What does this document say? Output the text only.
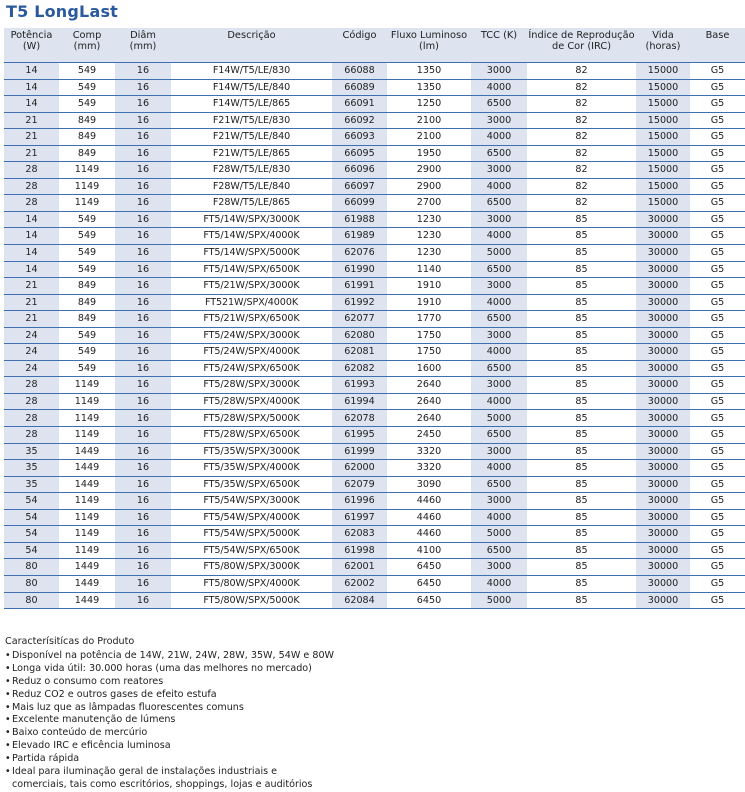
T5 LongLast
Potência (W)	Comp (mm)	Diâm (mm)	Descrição	Código	Fluxo Luminoso (lm)	TCC (K)	Índice de Reprodução de Cor (IRC)	Vida (horas)	Base
14	549	16	F14W/T5/LE/830	66088	1350	3000	82	15000	G5
14	549	16	F14W/T5/LE/840	66089	1350	4000	82	15000	G5
14	549	16	F14W/T5/LE/865	66091	1250	6500	82	15000	G5
21	849	16	F21W/T5/LE/830	66092	2100	3000	82	15000	G5
21	849	16	F21W/T5/LE/840	66093	2100	4000	82	15000	G5
21	849	16	F21W/T5/LE/865	66095	1950	6500	82	15000	G5
28	1149	16	F28W/T5/LE/830	66096	2900	3000	82	15000	G5
28	1149	16	F28W/T5/LE/840	66097	2900	4000	82	15000	G5
28	1149	16	F28W/T5/LE/865	66099	2700	6500	82	15000	G5
14	549	16	FT5/14W/SPX/3000K	61988	1230	3000	85	30000	G5
14	549	16	FT5/14W/SPX/4000K	61989	1230	4000	85	30000	G5
14	549	16	FT5/14W/SPX/5000K	62076	1230	5000	85	30000	G5
14	549	16	FT5/14W/SPX/6500K	61990	1140	6500	85	30000	G5
21	849	16	FT5/21W/SPX/3000K	61991	1910	3000	85	30000	G5
21	849	16	FT521W/SPX/4000K	61992	1910	4000	85	30000	G5
21	849	16	FT5/21W/SPX/6500K	62077	1770	6500	85	30000	G5
24	549	16	FT5/24W/SPX/3000K	62080	1750	3000	85	30000	G5
24	549	16	FT5/24W/SPX/4000K	62081	1750	4000	85	30000	G5
24	549	16	FT5/24W/SPX/6500K	62082	1600	6500	85	30000	G5
28	1149	16	FT5/28W/SPX/3000K	61993	2640	3000	85	30000	G5
28	1149	16	FT5/28W/SPX/4000K	61994	2640	4000	85	30000	G5
28	1149	16	FT5/28W/SPX/5000K	62078	2640	5000	85	30000	G5
28	1149	16	FT5/28W/SPX/6500K	61995	2450	6500	85	30000	G5
35	1449	16	FT5/35W/SPX/3000K	61999	3320	3000	85	30000	G5
35	1449	16	FT5/35W/SPX/4000K	62000	3320	4000	85	30000	G5
35	1449	16	FT5/35W/SPX/6500K	62079	3090	6500	85	30000	G5
54	1149	16	FT5/54W/SPX/3000K	61996	4460	3000	85	30000	G5
54	1149	16	FT5/54W/SPX/4000K	61997	4460	4000	85	30000	G5
54	1149	16	FT5/54W/SPX/5000K	62083	4460	5000	85	30000	G5
54	1149	16	FT5/54W/SPX/6500K	61998	4100	6500	85	30000	G5
80	1449	16	FT5/80W/SPX/3000K	62001	6450	3000	85	30000	G5
80	1449	16	FT5/80W/SPX/4000K	62002	6450	4000	85	30000	G5
80	1449	16	FT5/80W/SPX/5000K	62084	6450	5000	85	30000	G5
Caracterísitícas do Produto
• Disponível na potência de 14W, 21W, 24W, 28W, 35W, 54W e 80W
• Longa vida útil: 30.000 horas (uma das melhores no mercado)
• Reduz o consumo com reatores
• Reduz CO2 e outros gases de efeito estufa
• Mais luz que as lâmpadas fluorescentes comuns
• Excelente manutenção de lúmens
• Baixo conteúdo de mercúrio
• Elevado IRC e eficência luminosa
• Partida rápida
• Ideal para iluminação geral de instalações industriais e
comerciais, tais como escritórios, shoppings, lojas e auditórios
